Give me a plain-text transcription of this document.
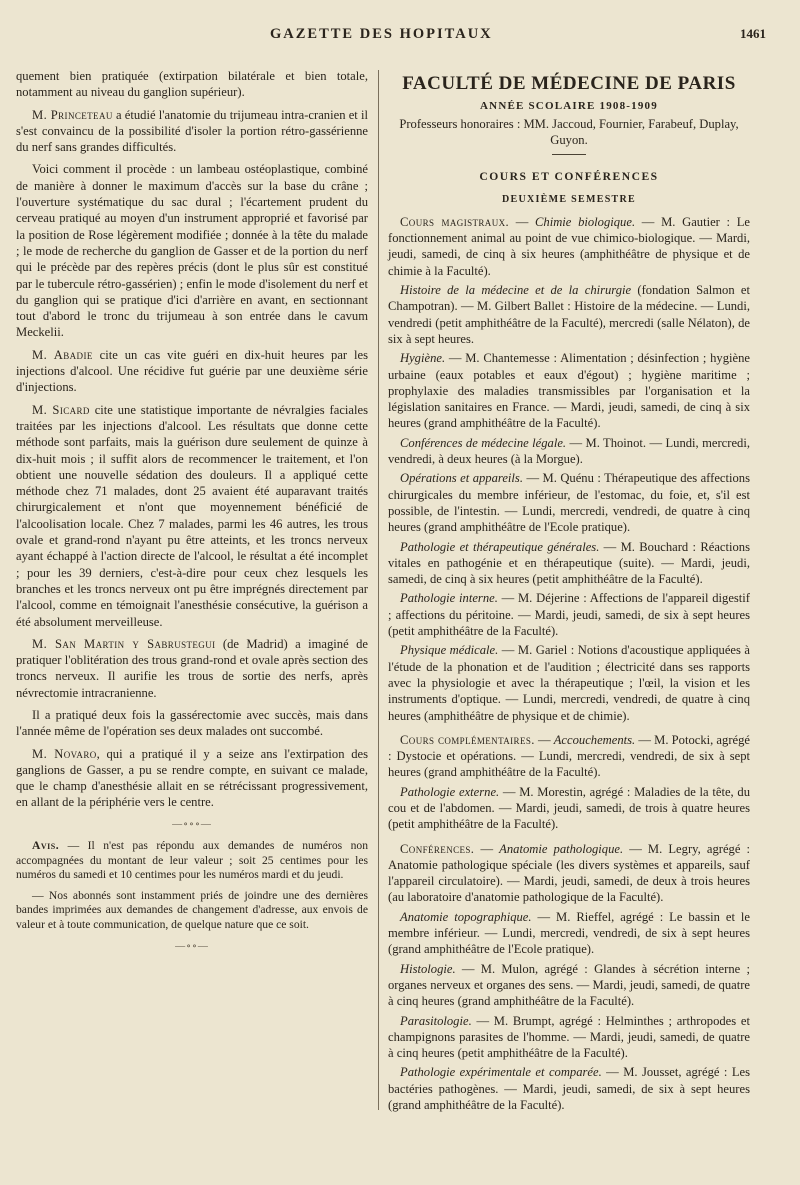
GAZETTE DES HOPITAUX	1461

quement bien pratiquée (extirpation bilatérale et bien totale, notamment au niveau du ganglion supérieur).

M. Princeteau a étudié l'anatomie du trijumeau intra-cranien et il s'est convaincu de la possibilité d'isoler la portion rétro-gassérienne du nerf sans grandes difficultés.

Voici comment il procède : un lambeau ostéoplastique, combiné de manière à donner le maximum d'accès sur la base du crâne ; l'ouverture systématique du sac dural ; l'écartement prudent du cerveau pratiqué au moyen d'un instrument approprié et favorisé par la position de Rose légèrement modifiée ; donnée à la tête du malade ; le mode de recherche du ganglion de Gasser et de la portion du nerf qui le précède par des repères précis (dont le plus sûr est constitué par le tubercule rétro-gassérien) ; enfin le mode d'isolement du nerf et du ganglion qui se pratique d'ici d'arrière en avant, en sectionnant tout d'abord le tronc du trijumeau à son entrée dans le cavum Meckelii.

M. Abadie cite un cas vite guéri en dix-huit heures par les injections d'alcool. Une récidive fut guérie par une deuxième série d'injections.

M. Sicard cite une statistique importante de névralgies faciales traitées par les injections d'alcool. Les résultats que donne cette méthode sont parfaits, mais la guérison dure seulement de quinze à dix-huit mois ; il suffit alors de recommencer le traitement, et l'on obtient une nouvelle sédation des douleurs. Il a appliqué cette méthode chez 71 malades, dont 25 avaient été auparavant traités chirurgicalement et n'ont que moyennement bénéficié de l'alcoolisation locale. Chez 7 malades, parmi les 46 autres, les trous ovale et grand-rond n'ayant pu être atteints, et les troncs nerveux ayant échappé à l'action directe de l'alcool, le résultat a été incomplet ; pour les 39 derniers, c'est-à-dire pour ceux chez lesquels les branches et les troncs nerveux ont pu être imprégnés directement par l'alcool, comme en témoignait l'anesthésie consécutive, la guérison a été absolument merveilleuse.

M. San Martin y Sabrustegui (de Madrid) a imaginé de pratiquer l'oblitération des trous grand-rond et ovale après section des troncs nerveux. Il aurifie les trous de sortie des nerfs, après névrectomie intracranienne.

Il a pratiqué deux fois la gassérectomie avec succès, mais dans l'année même de l'opération ses deux malades ont succombé.

M. Novaro, qui a pratiqué il y a seize ans l'extirpation des ganglions de Gasser, a pu se rendre compte, en suivant ce malade, que le champ d'anesthésie allait en se rétrécissant progressivement, en allant de la périphérie vers le centre.

—∘∘∘—

Avis. — Il n'est pas répondu aux demandes de numéros non accompagnées du montant de leur valeur ; soit 25 centimes pour les numéros du samedi et 10 centimes pour les numéros mardi et du jeudi.

— Nos abonnés sont instamment priés de joindre une des dernières bandes imprimées aux demandes de changement d'adresse, aux envois de valeur et à toute communication, de quelque nature que ce soit.

—∘∘—
FACULTÉ DE MÉDECINE DE PARIS
ANNÉE SCOLAIRE 1908-1909
Professeurs honoraires : MM. Jaccoud, Fournier, Farabeuf, Duplay, Guyon.
COURS ET CONFÉRENCES
DEUXIÈME SEMESTRE

Cours magistraux. — Chimie biologique. — M. Gautier : Le fonctionnement animal au point de vue chimico-biologique. — Mardi, jeudi, samedi, de cinq à six heures (amphithéâtre de physique et de chimie à la Faculté).

Histoire de la médecine et de la chirurgie (fondation Salmon et Champotran). — M. Gilbert Ballet : Histoire de la médecine. — Lundi, vendredi (petit amphithéâtre de la Faculté), mercredi (salle Nélaton), de six à sept heures.

Hygiène. — M. Chantemesse : Alimentation ; désinfection ; hygiène urbaine (eaux potables et eaux d'égout) ; hygiène maritime ; prophylaxie des maladies transmissibles par l'organisation et la législation sanitaires en France. — Mardi, jeudi, samedi, de cinq à six heures (grand amphithéâtre de la Faculté).

Conférences de médecine légale. — M. Thoinot. — Lundi, mercredi, vendredi, à deux heures (à la Morgue).

Opérations et appareils. — M. Quénu : Thérapeutique des affections chirurgicales du membre inférieur, de l'estomac, du foie, et, s'il est possible, de l'intestin. — Lundi, mercredi, vendredi, de quatre à cinq heures (grand amphithéâtre de l'Ecole pratique).

Pathologie et thérapeutique générales. — M. Bouchard : Réactions vitales en pathogénie et en thérapeutique (suite). — Mardi, jeudi, samedi, de cinq à six heures (petit amphithéâtre de la Faculté).

Pathologie interne. — M. Déjerine : Affections de l'appareil digestif ; affections du péritoine. — Mardi, jeudi, samedi, de six à sept heures (petit amphithéâtre de la Faculté).

Physique médicale. — M. Gariel : Notions d'acoustique appliquées à l'étude de la phonation et de l'audition ; électricité dans ses rapports avec la physiologie et avec la thérapeutique ; l'œil, la vision et les instruments d'optique. — Lundi, mercredi, vendredi, de quatre à cinq heures (amphithéâtre de physique et de chimie).

Cours complémentaires. — Accouchements. — M. Potocki, agrégé : Dystocie et opérations. — Lundi, mercredi, vendredi, de six à sept heures (grand amphithéâtre de la Faculté).

Pathologie externe. — M. Morestin, agrégé : Maladies de la tête, du cou et de l'abdomen. — Mardi, jeudi, samedi, de trois à quatre heures (petit amphithéâtre de la Faculté).

Conférences. — Anatomie pathologique. — M. Legry, agrégé : Anatomie pathologique spéciale (les divers systèmes et appareils, sauf l'appareil circulatoire). — Mardi, jeudi, samedi, de deux à trois heures (au laboratoire d'anatomie pathologique de la Faculté).

Anatomie topographique. — M. Rieffel, agrégé : Le bassin et le membre inférieur. — Lundi, mercredi, vendredi, de six à sept heures (grand amphithéâtre de l'Ecole pratique).

Histologie. — M. Mulon, agrégé : Glandes à sécrétion interne ; organes nerveux et organes des sens. — Mardi, jeudi, samedi, de quatre à cinq heures (grand amphithéâtre de la Faculté).

Parasitologie. — M. Brumpt, agrégé : Helminthes ; arthropodes et champignons parasites de l'homme. — Mardi, jeudi, samedi, de quatre à cinq heures (petit amphithéâtre de la Faculté).

Pathologie expérimentale et comparée. — M. Jousset, agrégé : Les bactéries pathogènes. — Mardi, jeudi, samedi, de six à sept heures (grand amphithéâtre de la Faculté).
